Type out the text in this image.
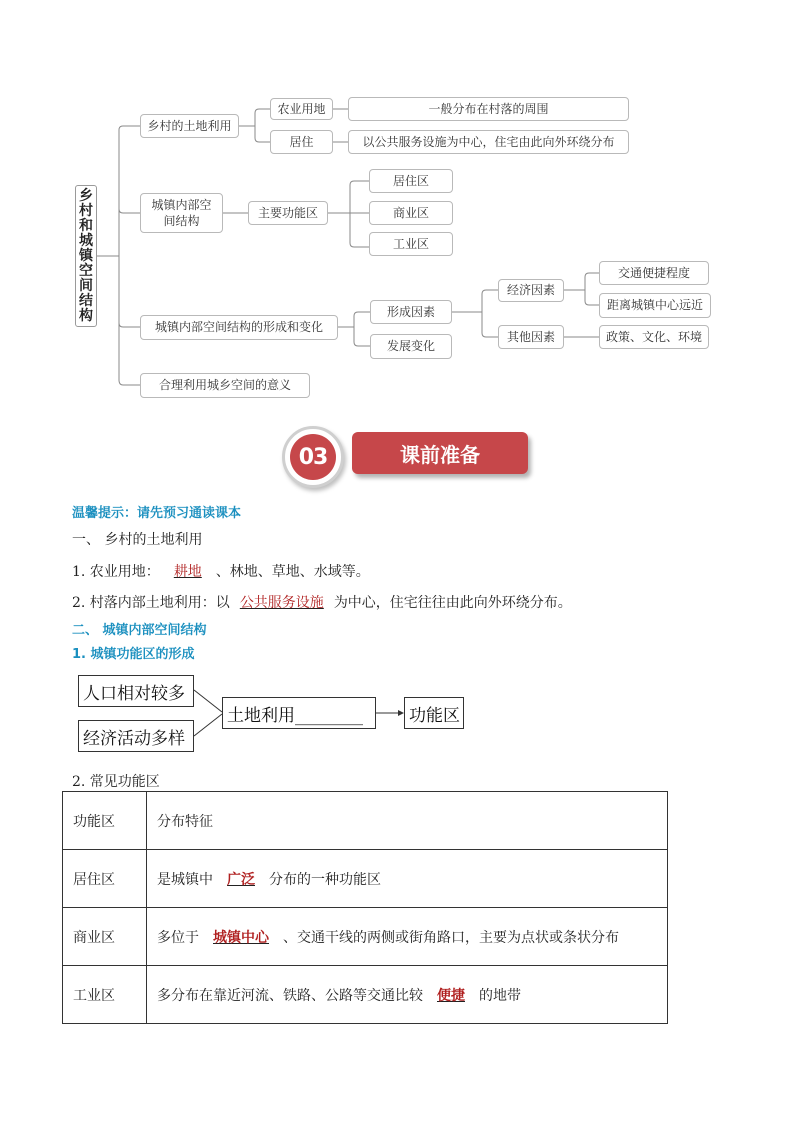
乡村和城镇空间结构
乡村的土地利用
农业用地	一般分布在村落的周围
居住	以公共服务设施为中心，住宅由此向外环绕分布
城镇内部空间结构
主要功能区
居住区
商业区
工业区
城镇内部空间结构的形成和变化
形成因素
发展变化
经济因素
其他因素
交通便捷程度
距离城镇中心远近
政策、文化、环境
合理利用城乡空间的意义
课前准备
03
温馨提示：请先预习通读课本
一、 乡村的土地利用
1. 农业用地： 耕地 、林地、草地、水域等。
2. 村落内部土地利用：以 公共服务设施 为中心，住宅往往由此向外环绕分布。
二、 城镇内部空间结构
1. 城镇功能区的形成
人口相对较多
经济活动多样
土地利用________	功能区
2. 常见功能区
功能区	分布特征
居住区	是城镇中 广泛 分布的一种功能区
商业区	多位于 城镇中心 、交通干线的两侧或街角路口，主要为点状或条状分布
工业区	多分布在靠近河流、铁路、公路等交通比较 便捷 的地带
